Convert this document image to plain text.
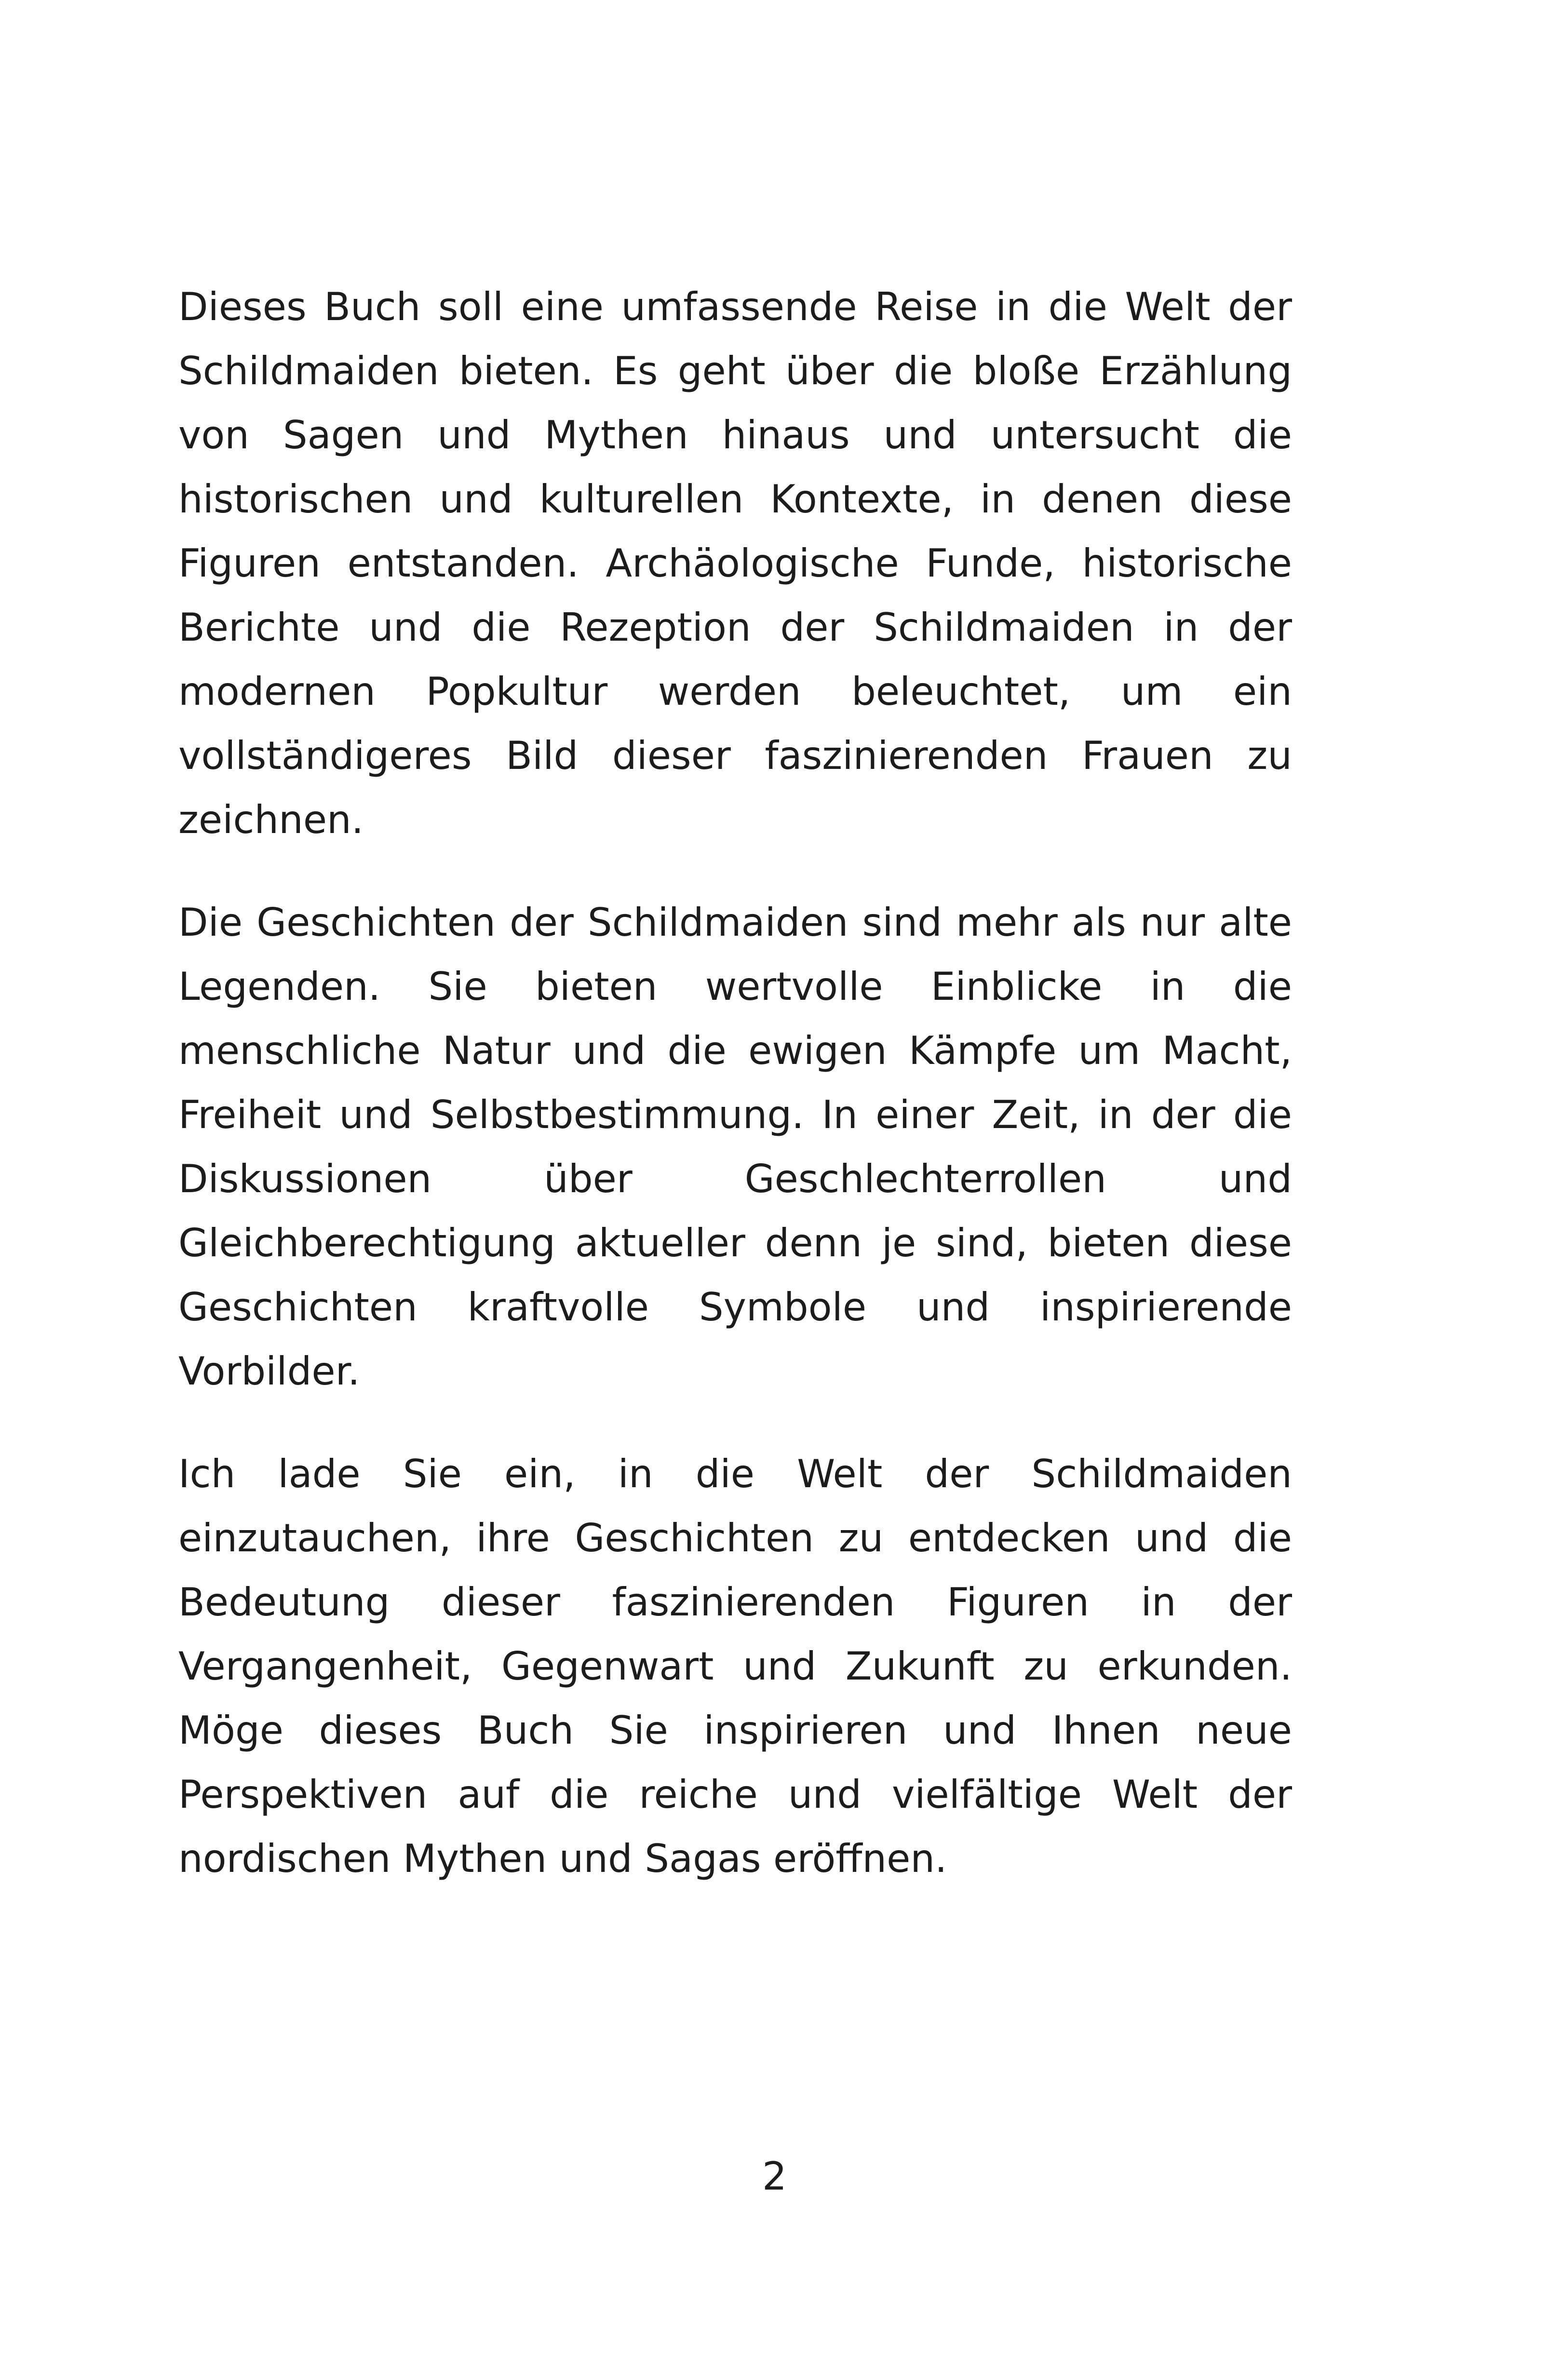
Dieses Buch soll eine umfassende Reise in die Welt der Schildmaiden bieten. Es geht über die bloße Erzählung von Sagen und Mythen hinaus und untersucht die historischen und kulturellen Kontexte, in denen diese Figuren entstanden. Archäologische Funde, historische Berichte und die Rezeption der Schildmaiden in der modernen Popkultur werden beleuchtet, um ein vollständigeres Bild dieser faszinierenden Frauen zu zeichnen.

Die Geschichten der Schildmaiden sind mehr als nur alte Legenden. Sie bieten wertvolle Einblicke in die menschliche Natur und die ewigen Kämpfe um Macht, Freiheit und Selbstbestimmung. In einer Zeit, in der die Diskussionen über Geschlechterrollen und Gleichberechtigung aktueller denn je sind, bieten diese Geschichten kraftvolle Symbole und inspirierende Vorbilder.

Ich lade Sie ein, in die Welt der Schildmaiden einzutauchen, ihre Geschichten zu entdecken und die Bedeutung dieser faszinierenden Figuren in der Vergangenheit, Gegenwart und Zukunft zu erkunden. Möge dieses Buch Sie inspirieren und Ihnen neue Perspektiven auf die reiche und vielfältige Welt der nordischen Mythen und Sagas eröffnen.

2
